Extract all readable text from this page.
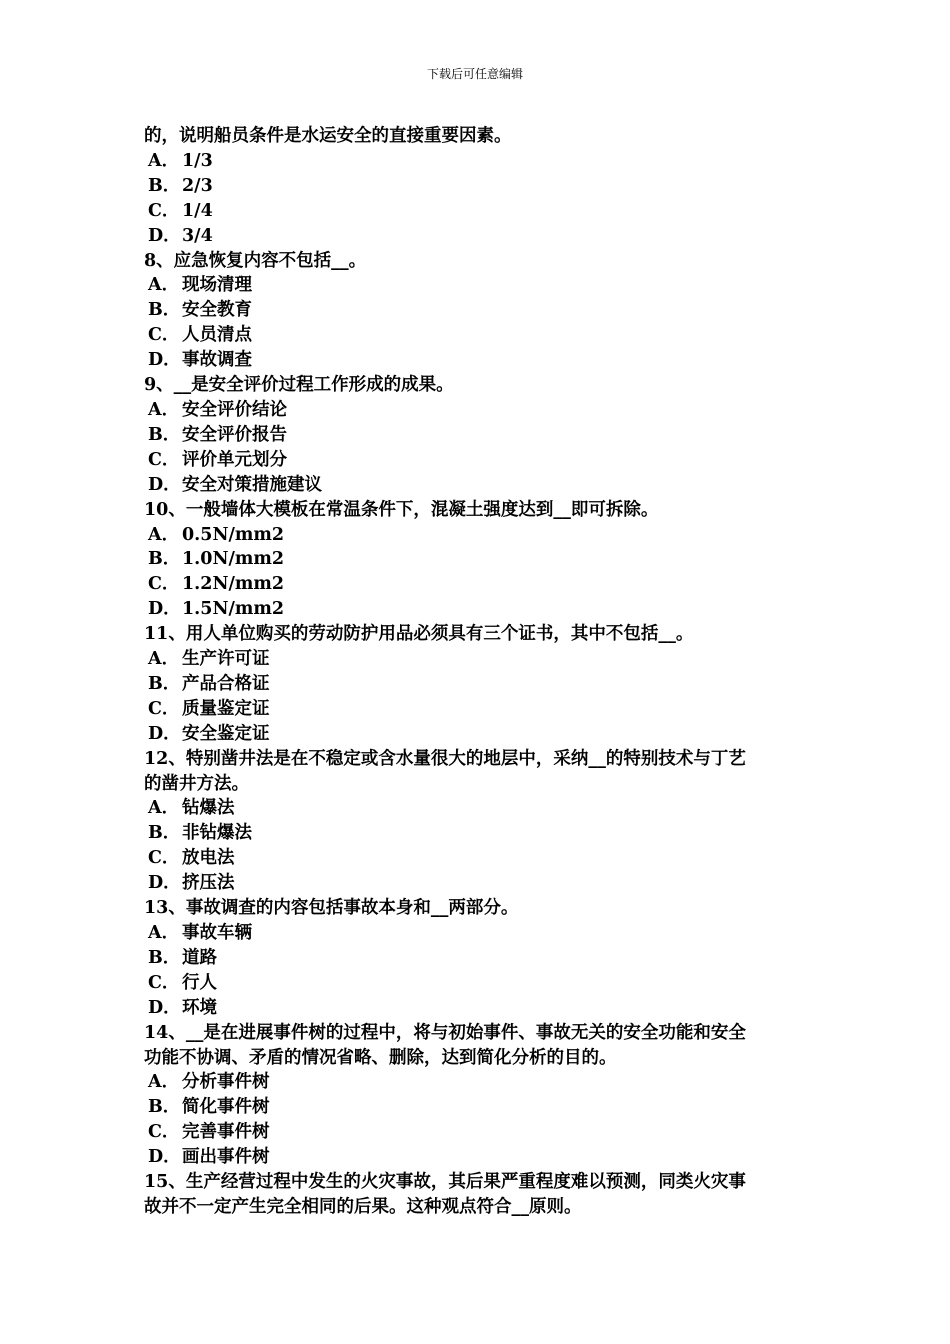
下载后可任意编辑
的，说明船员条件是水运安全的直接重要因素。
A． 1/3
B．2/3
C． 1/4
D．3/4
8、应急恢复内容不包括__。
A． 现场清理
B．安全教育
C． 人员清点
D．事故调查
9、__是安全评价过程工作形成的成果。
A． 安全评价结论
B．安全评价报告
C． 评价单元划分
D．安全对策措施建议
10、一般墙体大模板在常温条件下，混凝土强度达到__即可拆除。
A． 0.5N/mm2
B．1.0N/mm2
C． 1.2N/mm2
D．1.5N/mm2
11、用人单位购买的劳动防护用品必须具有三个证书，其中不包括__。
A． 生产许可证
B．产品合格证
C． 质量鉴定证
D．安全鉴定证
12、特别凿井法是在不稳定或含水量很大的地层中，采纳__的特别技术与丁艺
的凿井方法。
A． 钻爆法
B．非钻爆法
C． 放电法
D．挤压法
13、事故调查的内容包括事故本身和__两部分。
A． 事故车辆
B．道路
C． 行人
D．环境
14、__是在进展事件树的过程中，将与初始事件、事故无关的安全功能和安全
功能不协调、矛盾的情况省略、删除，达到简化分析的目的。
A． 分析事件树
B．简化事件树
C． 完善事件树
D．画出事件树
15、生产经营过程中发生的火灾事故，其后果严重程度难以预测，同类火灾事
故并不一定产生完全相同的后果。这种观点符合__原则。
